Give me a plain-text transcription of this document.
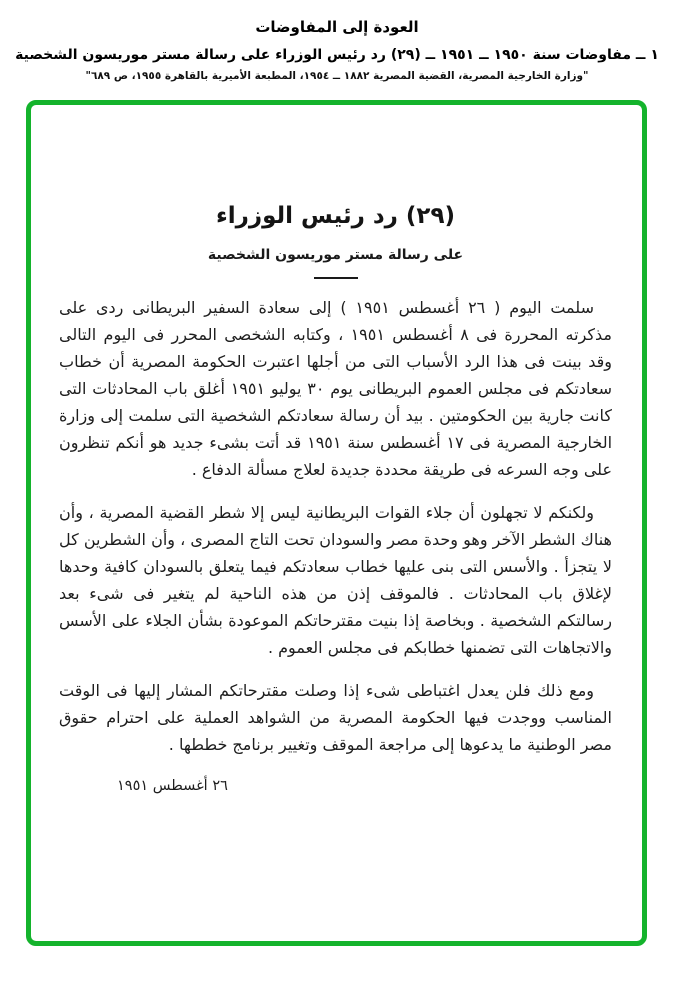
العودة إلى المفاوضات
١ ــ مفاوضات سنة ١٩٥٠ ــ ١٩٥١ ــ (٢٩) رد رئيس الوزراء على رسالة مستر موريسون الشخصية
"وزارة الخارجية المصرية، القضية المصرية ١٨٨٢ ــ ١٩٥٤، المطبعة الأميرية بالقاهرة ١٩٥٥، ص ٦٨٩"
(٢٩) رد رئيس الوزراء
على رسالة مستر موريسون الشخصية

سلمت اليوم ( ٢٦ أغسطس ١٩٥١ ) إلى سعادة السفير البريطانى ردى على مذكرته المحررة فى ٨ أغسطس ١٩٥١ ، وكتابه الشخصى المحرر فى اليوم التالى وقد بينت فى هذا الرد الأسباب التى من أجلها اعتبرت الحكومة المصرية أن خطاب سعادتكم فى مجلس العموم البريطانى يوم ٣٠ يوليو ١٩٥١ أغلق باب المحادثات التى كانت جارية بين الحكومتين . بيد أن رسالة سعادتكم الشخصية التى سلمت إلى وزارة الخارجية المصرية فى ١٧ أغسطس سنة ١٩٥١ قد أتت بشىء جديد هو أنكم تنظرون على وجه السرعه فى طريقة محددة جديدة لعلاج مسألة الدفاع .

ولكنكم لا تجهلون أن جلاء القوات البريطانية ليس إلا شطر القضية المصرية ، وأن هناك الشطر الآخر وهو وحدة مصر والسودان تحت التاج المصرى ، وأن الشطرين كل لا يتجزأ . والأسس التى بنى عليها خطاب سعادتكم فيما يتعلق بالسودان كافية وحدها لإغلاق باب المحادثات . فالموقف إذن من هذه الناحية لم يتغير فى شىء بعد رسالتكم الشخصية . وبخاصة إذا بنيت مقترحاتكم الموعودة بشأن الجلاء على الأسس والاتجاهات التى تضمنها خطابكم فى مجلس العموم .

ومع ذلك فلن يعدل اغتباطى شىء إذا وصلت مقترحاتكم المشار إليها فى الوقت المناسب ووجدت فيها الحكومة المصرية من الشواهد العملية على احترام حقوق مصر الوطنية ما يدعوها إلى مراجعة الموقف وتغيير برنامج خططها .

٢٦ أغسطس ١٩٥١
